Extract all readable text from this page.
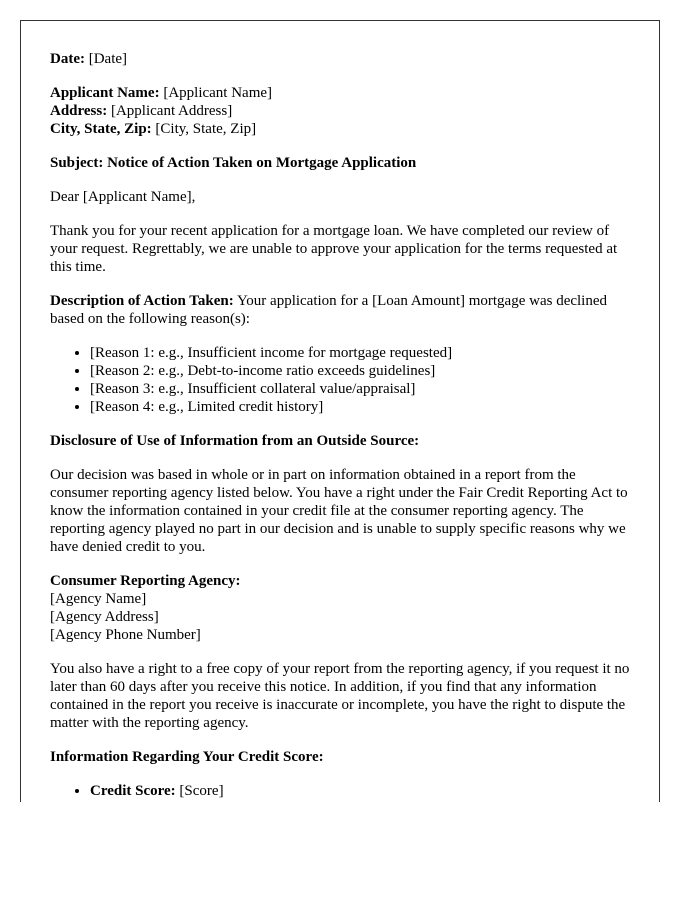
Date: [Date]

Applicant Name: [Applicant Name]
Address: [Applicant Address]
City, State, Zip: [City, State, Zip]

Subject: Notice of Action Taken on Mortgage Application

Dear [Applicant Name],

Thank you for your recent application for a mortgage loan. We have completed our review of your request. Regrettably, we are unable to approve your application for the terms requested at this time.

Description of Action Taken: Your application for a [Loan Amount] mortgage was declined based on the following reason(s):

• [Reason 1: e.g., Insufficient income for mortgage requested]
• [Reason 2: e.g., Debt-to-income ratio exceeds guidelines]
• [Reason 3: e.g., Insufficient collateral value/appraisal]
• [Reason 4: e.g., Limited credit history]
Disclosure of Use of Information from an Outside Source:

Our decision was based in whole or in part on information obtained in a report from the consumer reporting agency listed below. You have a right under the Fair Credit Reporting Act to know the information contained in your credit file at the consumer reporting agency. The reporting agency played no part in our decision and is unable to supply specific reasons why we have denied credit to you.

Consumer Reporting Agency:
[Agency Name]
[Agency Address]
[Agency Phone Number]

You also have a right to a free copy of your report from the reporting agency, if you request it no later than 60 days after you receive this notice. In addition, if you find that any information contained in the report you receive is inaccurate or incomplete, you have the right to dispute the matter with the reporting agency.

Information Regarding Your Credit Score:
• Credit Score: [Score]
